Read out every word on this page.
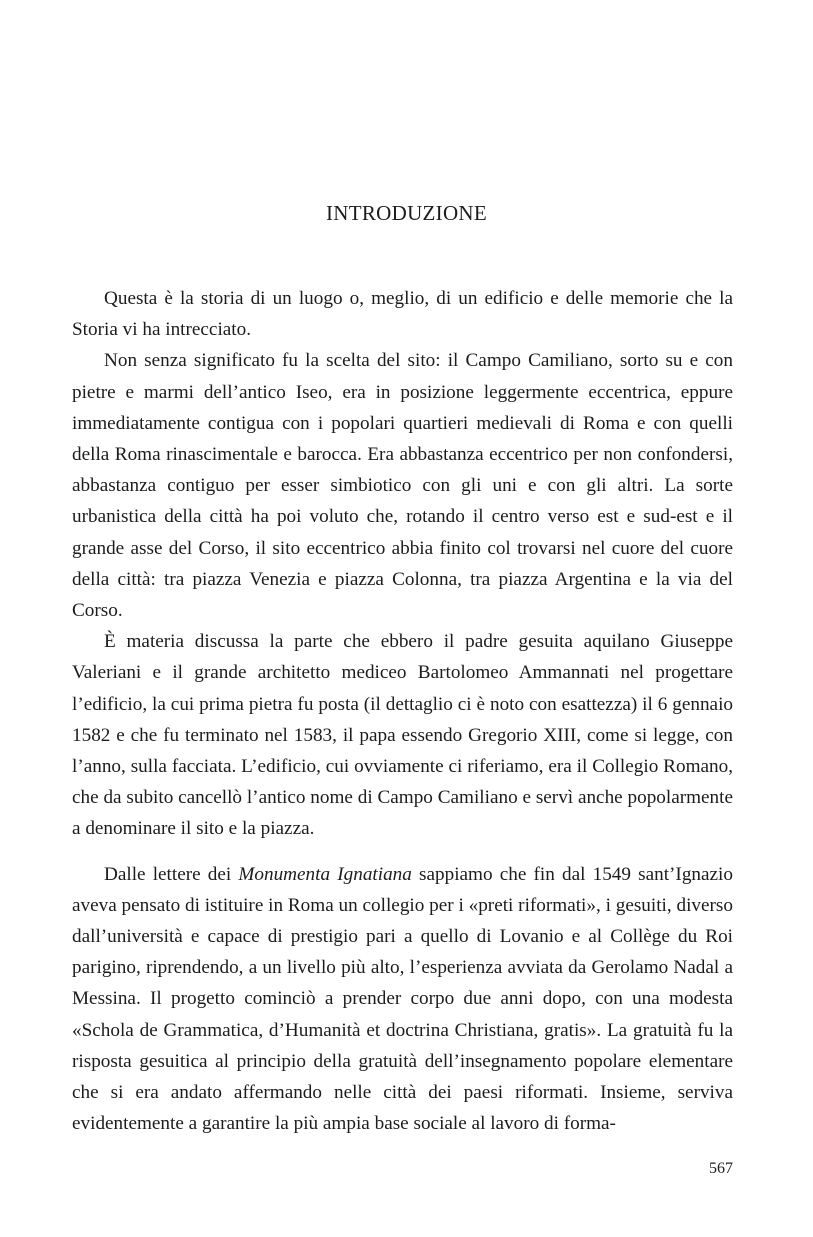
INTRODUZIONE

Questa è la storia di un luogo o, meglio, di un edificio e delle memorie che la Storia vi ha intrecciato.

Non senza significato fu la scelta del sito: il Campo Camiliano, sorto su e con pietre e marmi dell’antico Iseo, era in posizione leggermente eccentrica, eppure immediatamente contigua con i popolari quartieri medievali di Roma e con quelli della Roma rinascimentale e barocca. Era abbastanza eccentrico per non confondersi, abbastanza contiguo per esser simbiotico con gli uni e con gli altri. La sorte urbanistica della città ha poi voluto che, rotando il centro verso est e sud-est e il grande asse del Corso, il sito eccentrico abbia finito col trovarsi nel cuore del cuore della città: tra piazza Venezia e piazza Colonna, tra piazza Argentina e la via del Corso.

È materia discussa la parte che ebbero il padre gesuita aquilano Giuseppe Valeriani e il grande architetto mediceo Bartolomeo Ammannati nel progettare l’edificio, la cui prima pietra fu posta (il dettaglio ci è noto con esattezza) il 6 gennaio 1582 e che fu terminato nel 1583, il papa essendo Gregorio XIII, come si legge, con l’anno, sulla facciata. L’edificio, cui ovviamente ci riferiamo, era il Collegio Romano, che da subito cancellò l’antico nome di Campo Camiliano e servì anche popolarmente a denominare il sito e la piazza.

Dalle lettere dei Monumenta Ignatiana sappiamo che fin dal 1549 sant’Ignazio aveva pensato di istituire in Roma un collegio per i «preti riformati», i gesuiti, diverso dall’università e capace di prestigio pari a quello di Lovanio e al Collège du Roi parigino, riprendendo, a un livello più alto, l’esperienza avviata da Gerolamo Nadal a Messina. Il progetto cominciò a prender corpo due anni dopo, con una modesta «Schola de Grammatica, d’Humanità et doctrina Christiana, gratis». La gratuità fu la risposta gesuitica al principio della gratuità dell’insegnamento popolare elementare che si era andato affermando nelle città dei paesi riformati. Insieme, serviva evidentemente a garantire la più ampia base sociale al lavoro di forma-

567
